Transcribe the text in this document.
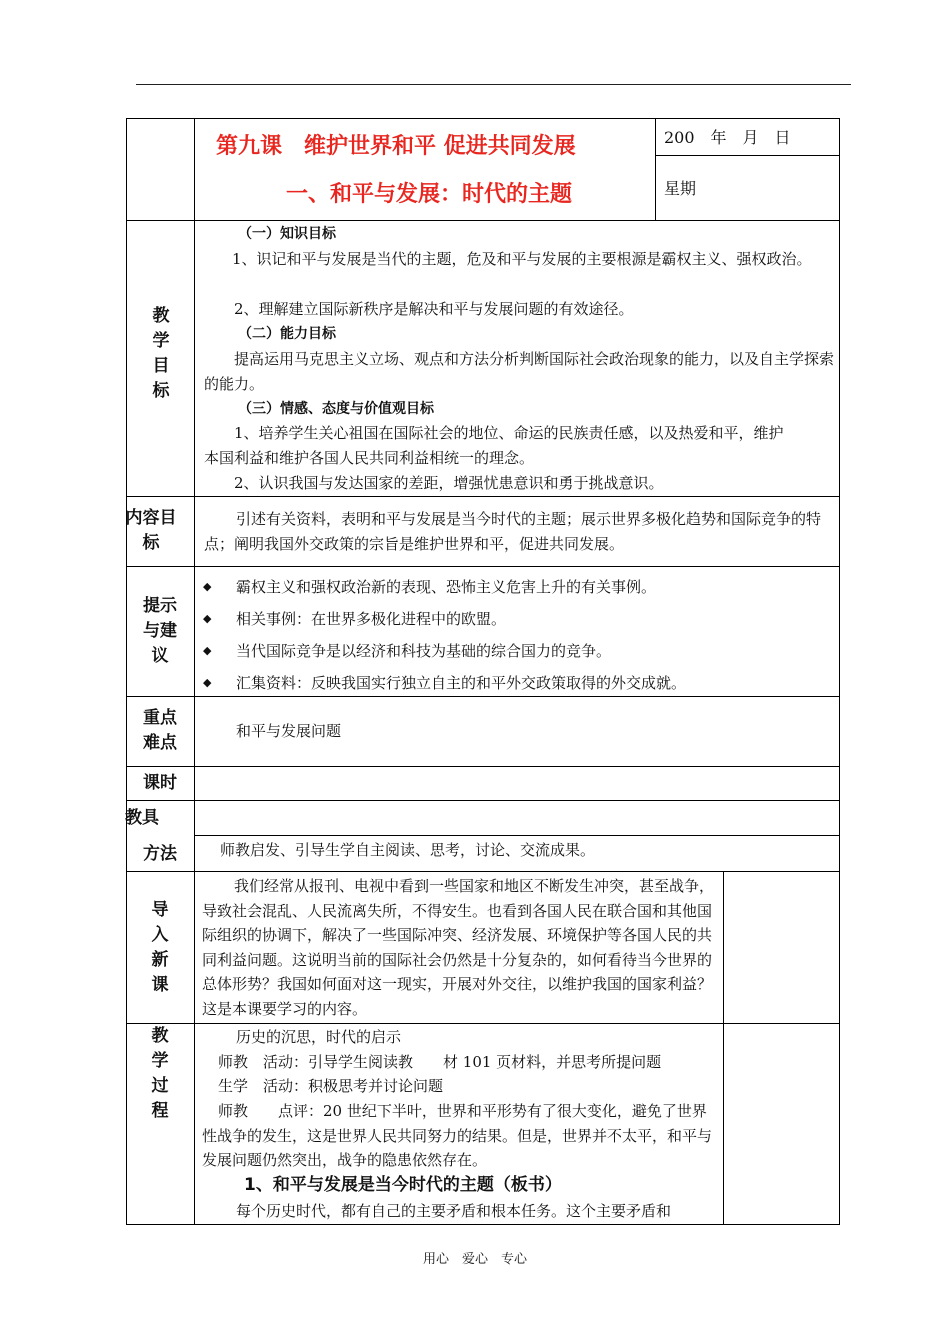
第九课　维护世界和平 促进共同发展
一、和平与发展：时代的主题
200　年　月　日
星期
教学目标
（一）知识目标
1、识记和平与发展是当代的主题，危及和平与发展的主要根源是霸权主义、强权政治。
2、理解建立国际新秩序是解决和平与发展问题的有效途径。
（二）能力目标
提高运用马克思主义立场、观点和方法分析判断国际社会政治现象的能力，以及自主学探索的能力。
（三）情感、态度与价值观目标
1、培养学生关心祖国在国际社会的地位、命运的民族责任感，以及热爱和平，维护
本国利益和维护各国人民共同利益相统一的理念。
2、认识我国与发达国家的差距，增强忧患意识和勇于挑战意识。
内容目标
引述有关资料，表明和平与发展是当今时代的主题；展示世界多极化趋势和国际竞争的特点；阐明我国外交政策的宗旨是维护世界和平，促进共同发展。
提示与建议
◆ 霸权主义和强权政治新的表现、恐怖主义危害上升的有关事例。
◆ 相关事例：在世界多极化进程中的欧盟。
◆ 当代国际竞争是以经济和科技为基础的综合国力的竞争。
◆ 汇集资料：反映我国实行独立自主的和平外交政策取得的外交成就。
重点难点
和平与发展问题
课时
教具
方法	师教启发、引导生学自主阅读、思考，讨论、交流成果。
导入新课
我们经常从报刊、电视中看到一些国家和地区不断发生冲突，甚至战争，导致社会混乱、人民流离失所，不得安生。也看到各国人民在联合国和其他国际组织的协调下，解决了一些国际冲突、经济发展、环境保护等各国人民的共同利益问题。这说明当前的国际社会仍然是十分复杂的，如何看待当今世界的总体形势？我国如何面对这一现实，开展对外交往，以维护我国的国家利益？这是本课要学习的内容。
教学过程
历史的沉思，时代的启示
师教　活动：引导学生阅读教　　材 101 页材料，并思考所提问题
生学　活动：积极思考并讨论问题
师教　　点评：20 世纪下半叶，世界和平形势有了很大变化，避免了世界性战争的发生，这是世界人民共同努力的结果。但是，世界并不太平，和平与发展问题仍然突出，战争的隐患依然存在。
1、和平与发展是当今时代的主题（板书）
每个历史时代，都有自己的主要矛盾和根本任务。这个主要矛盾和
用心　爱心　专心
